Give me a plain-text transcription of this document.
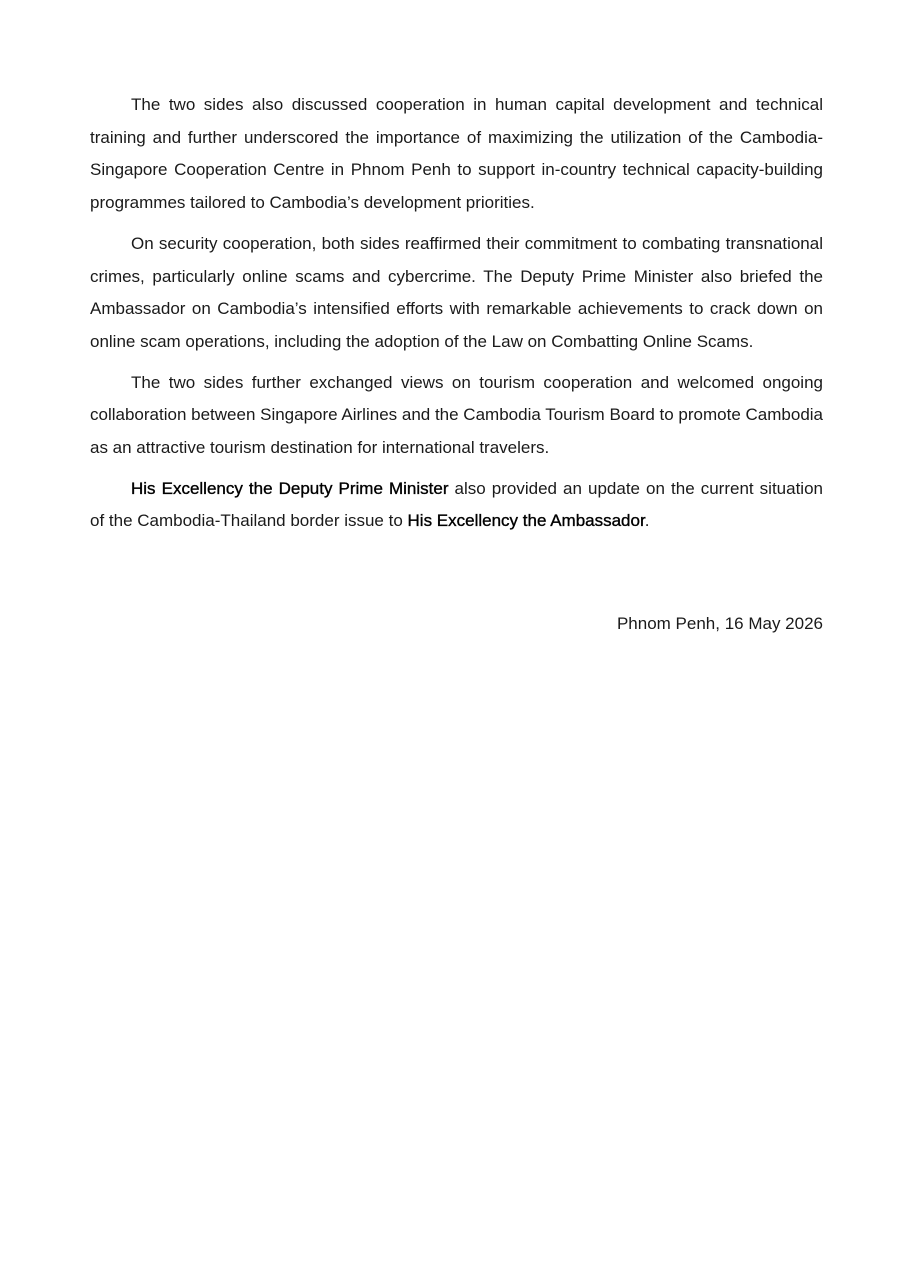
The two sides also discussed cooperation in human capital development and technical training and further underscored the importance of maximizing the utilization of the Cambodia-Singapore Cooperation Centre in Phnom Penh to support in-country technical capacity-building programmes tailored to Cambodia’s development priorities.

On security cooperation, both sides reaffirmed their commitment to combating transnational crimes, particularly online scams and cybercrime. The Deputy Prime Minister also briefed the Ambassador on Cambodia’s intensified efforts with remarkable achievements to crack down on online scam operations, including the adoption of the Law on Combatting Online Scams.

The two sides further exchanged views on tourism cooperation and welcomed ongoing collaboration between Singapore Airlines and the Cambodia Tourism Board to promote Cambodia as an attractive tourism destination for international travelers.

His Excellency the Deputy Prime Minister also provided an update on the current situation of the Cambodia-Thailand border issue to His Excellency the Ambassador.

Phnom Penh, 16 May 2026
